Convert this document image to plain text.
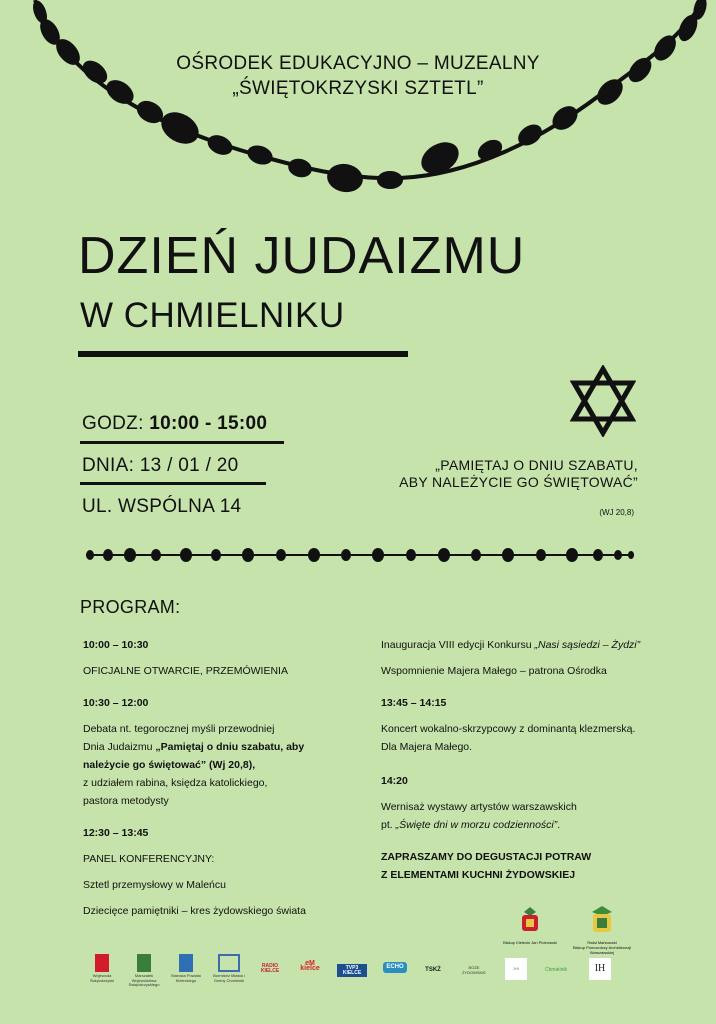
OŚRODEK EDUKACYJNO – MUZEALNY
„ŚWIĘTOKRZYSKI SZTETL”
DZIEŃ JUDAIZMU
W CHMIELNIKU
GODZ: 10:00 - 15:00
DNIA: 13 / 01 / 20
UL. WSPÓLNA 14
„PAMIĘTAJ O DNIU SZABATU,
ABY NALEŻYCIE GO ŚWIĘTOWAĆ”
(WJ 20,8)
PROGRAM:
10:00 – 10:30
OFICJALNE OTWARCIE, PRZEMÓWIENIA
10:30 – 12:00
Debata nt. tegorocznej myśli przewodniej
Dnia Judaizmu „Pamiętaj o dniu szabatu, aby
należycie go świętować” (Wj 20,8),
z udziałem rabina, księdza katolickiego,
pastora metodysty
12:30 – 13:45
PANEL KONFERENCYJNY:
Sztetl przemysłowy w Maleńcu
Dziecięce pamiętniki – kres żydowskiego świata
Inauguracja VIII edycji Konkursu „Nasi sąsiedzi – Żydzi”
Wspomnienie Majera Małego – patrona Ośrodka
13:45 – 14:15
Koncert wokalno-skrzypcowy z dominantą klezmerską.
Dla Majera Małego.
14:20
Wernisaż wystawy artystów warszawskich
pt. „Święte dni w morzu codzienności”.
ZAPRASZAMY DO DEGUSTACJI POTRAW
Z ELEMENTAMI KUCHNI ŻYDOWSKIEJ
Biskup Kielecki Jan Piotrowski	Rafał Markowski
Biskup Pomocniczy Archidiecezji Warszawskiej
Wojewoda Świętokrzyski
Marszałek Województwa Świętokrzyskiego
Starosta Powiatu Kieleckiego
Burmistrz Miasta i Gminy Chmielnik
RADIO KIELCE
eM kielce	TVP3 KIELCE
ECHO	TSKŻ	BOŻE ŻYDOWSKIE
JHI	Chmielnik	IH
